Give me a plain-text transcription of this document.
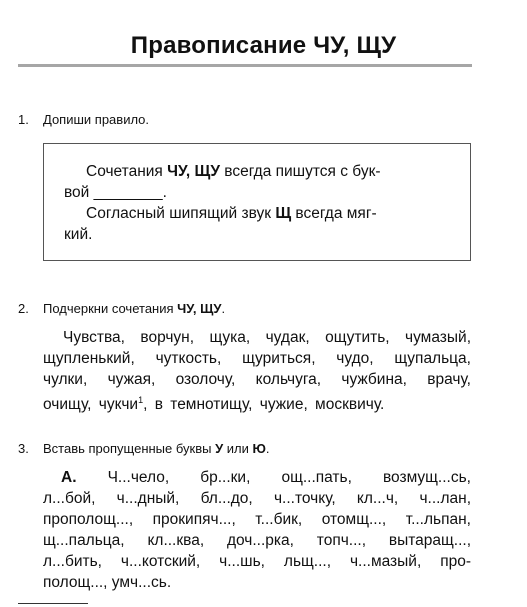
Правописание ЧУ, ЩУ
1. Допиши правило.

Сочетания ЧУ, ЩУ всегда пишутся с бук-
вой ________.

Согласный шипящий звук Щ всегда мяг-
кий.

2. Подчеркни сочетания ЧУ, ЩУ.
Чувства, ворчун, щука, чудак, ощутить, чумазый,
щупленький, чуткость, щуриться, чудо, щупальца,
чулки, чужая, озолочу, кольчуга, чужбина, врачу,
очищу, чукчи$^1$, в темнотищу, чужие, москвичу.
3. Вставь пропущенные буквы У или Ю.
А. Ч...чело, бр...ки, ощ...пать, возмущ...сь,
л...бой, ч...дный, бл...до, ч...точку, кл...ч, ч...лан,
прополощ..., прокипяч..., т...бик, отомщ..., т...льпан,
щ...пальца, кл...ква, доч...рка, топч..., вытаращ...,
л...бить, ч...котский, ч...шь, льщ..., ч...мазый, про-
полощ..., умч...сь.
